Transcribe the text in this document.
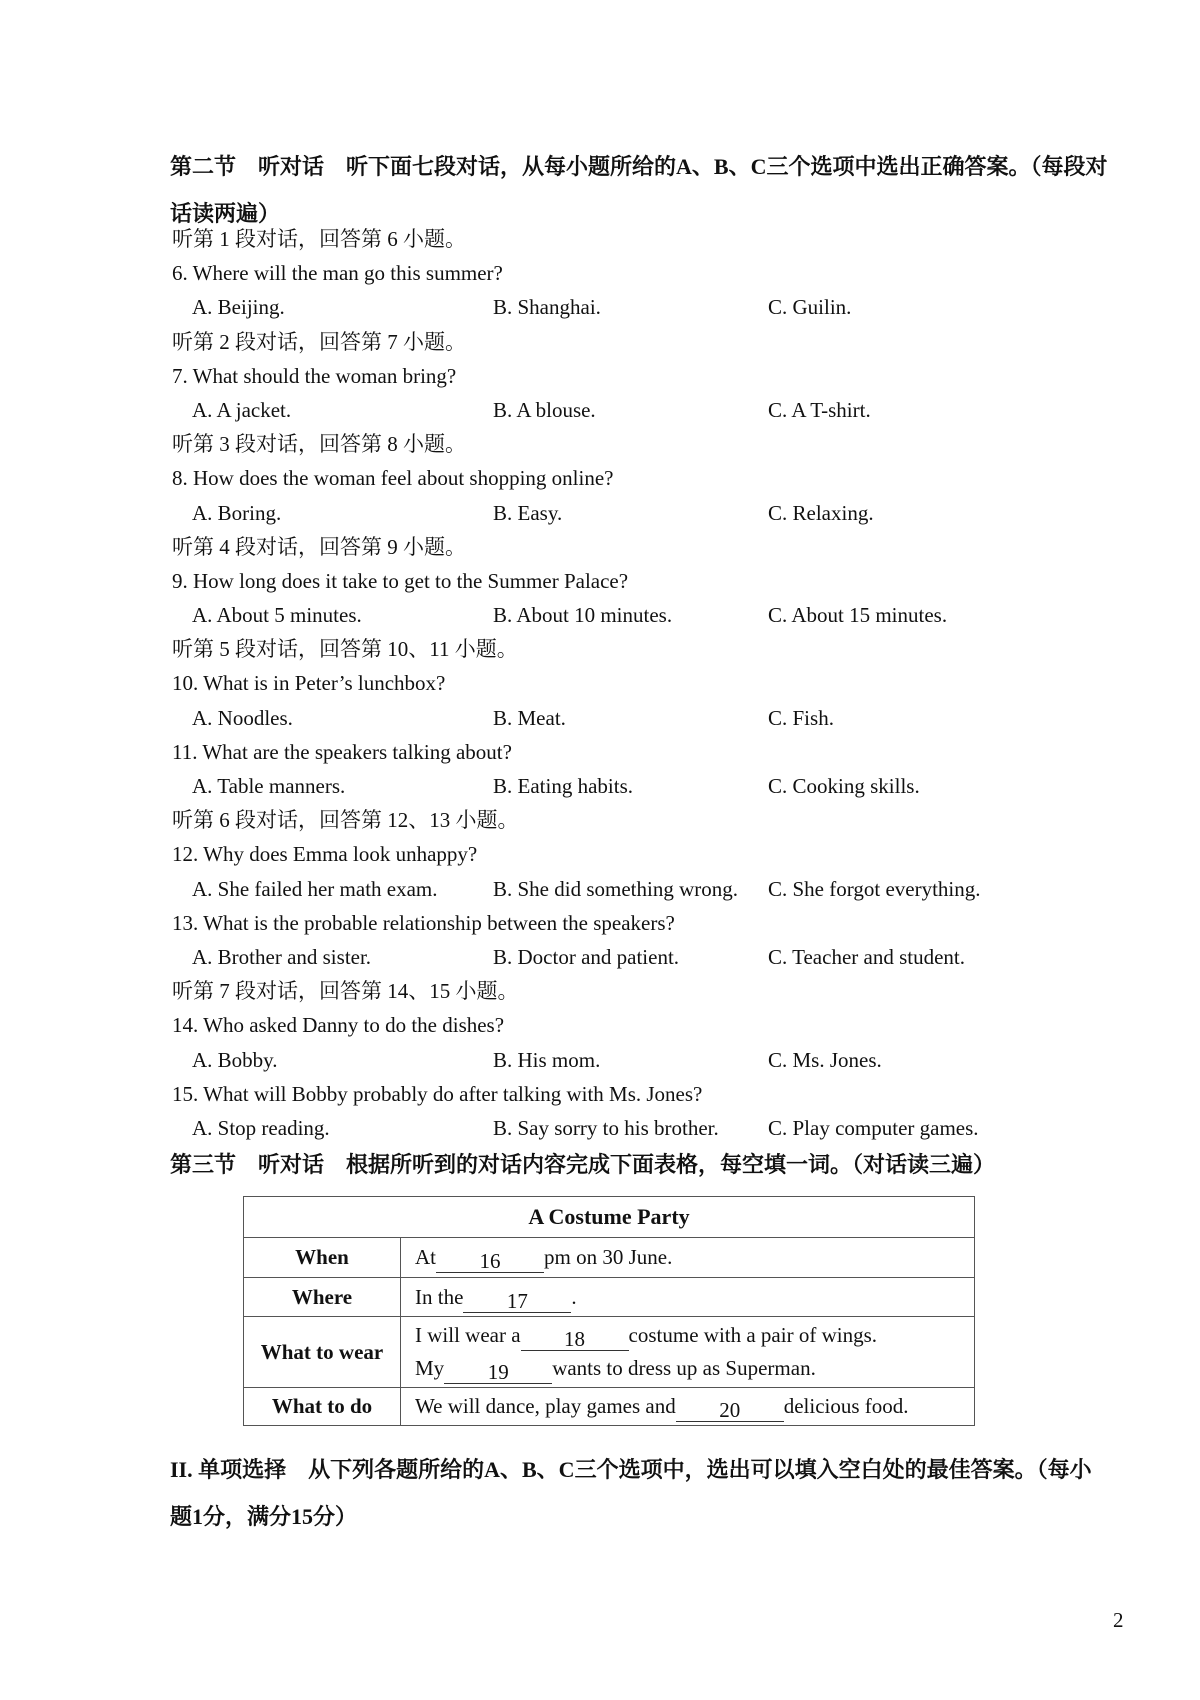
第二节　听对话　听下面七段对话，从每小题所给的A、B、C三个选项中选出正确答案。（每段对
话读两遍）
听第 1 段对话，回答第 6 小题。
6. Where will the man go this summer?
A. Beijing.	B. Shanghai.	C. Guilin.
听第 2 段对话，回答第 7 小题。
7. What should the woman bring?
A. A jacket.	B. A blouse.	C. A T-shirt.
听第 3 段对话，回答第 8 小题。
8. How does the woman feel about shopping online?
A. Boring.	B. Easy.	C. Relaxing.
听第 4 段对话，回答第 9 小题。
9. How long does it take to get to the Summer Palace?
A. About 5 minutes.	B. About 10 minutes.	C. About 15 minutes.
听第 5 段对话，回答第 10、11 小题。
10. What is in Peter’s lunchbox?
A. Noodles.	B. Meat.	C. Fish.
11. What are the speakers talking about?
A. Table manners.	B. Eating habits.	C. Cooking skills.
听第 6 段对话，回答第 12、13 小题。
12. Why does Emma look unhappy?
A. She failed her math exam.	B. She did something wrong. C. She forgot everything.
13. What is the probable relationship between the speakers?
A. Brother and sister.	B. Doctor and patient.	C. Teacher and student.
听第 7 段对话，回答第 14、15 小题。
14. Who asked Danny to do the dishes?
A. Bobby.	B. His mom.	C. Ms. Jones.
15. What will Bobby probably do after talking with Ms. Jones?
A. Stop reading.	B. Say sorry to his brother. C. Play computer games.
第三节　听对话　根据所听到的对话内容完成下面表格，每空填一词。（对话读三遍）
A Costume Party	
When	At 16 pm on 30 June.

Where	In the 17 .

What to wear	I will wear a 18 costume with a pair of wings.
My 19 wants to dress up as Superman.

What to do	We will dance, play games and 20 delicious food.
II. 单项选择　从下列各题所给的A、B、C三个选项中，选出可以填入空白处的最佳答案。（每小
题1分，满分15分）
2
